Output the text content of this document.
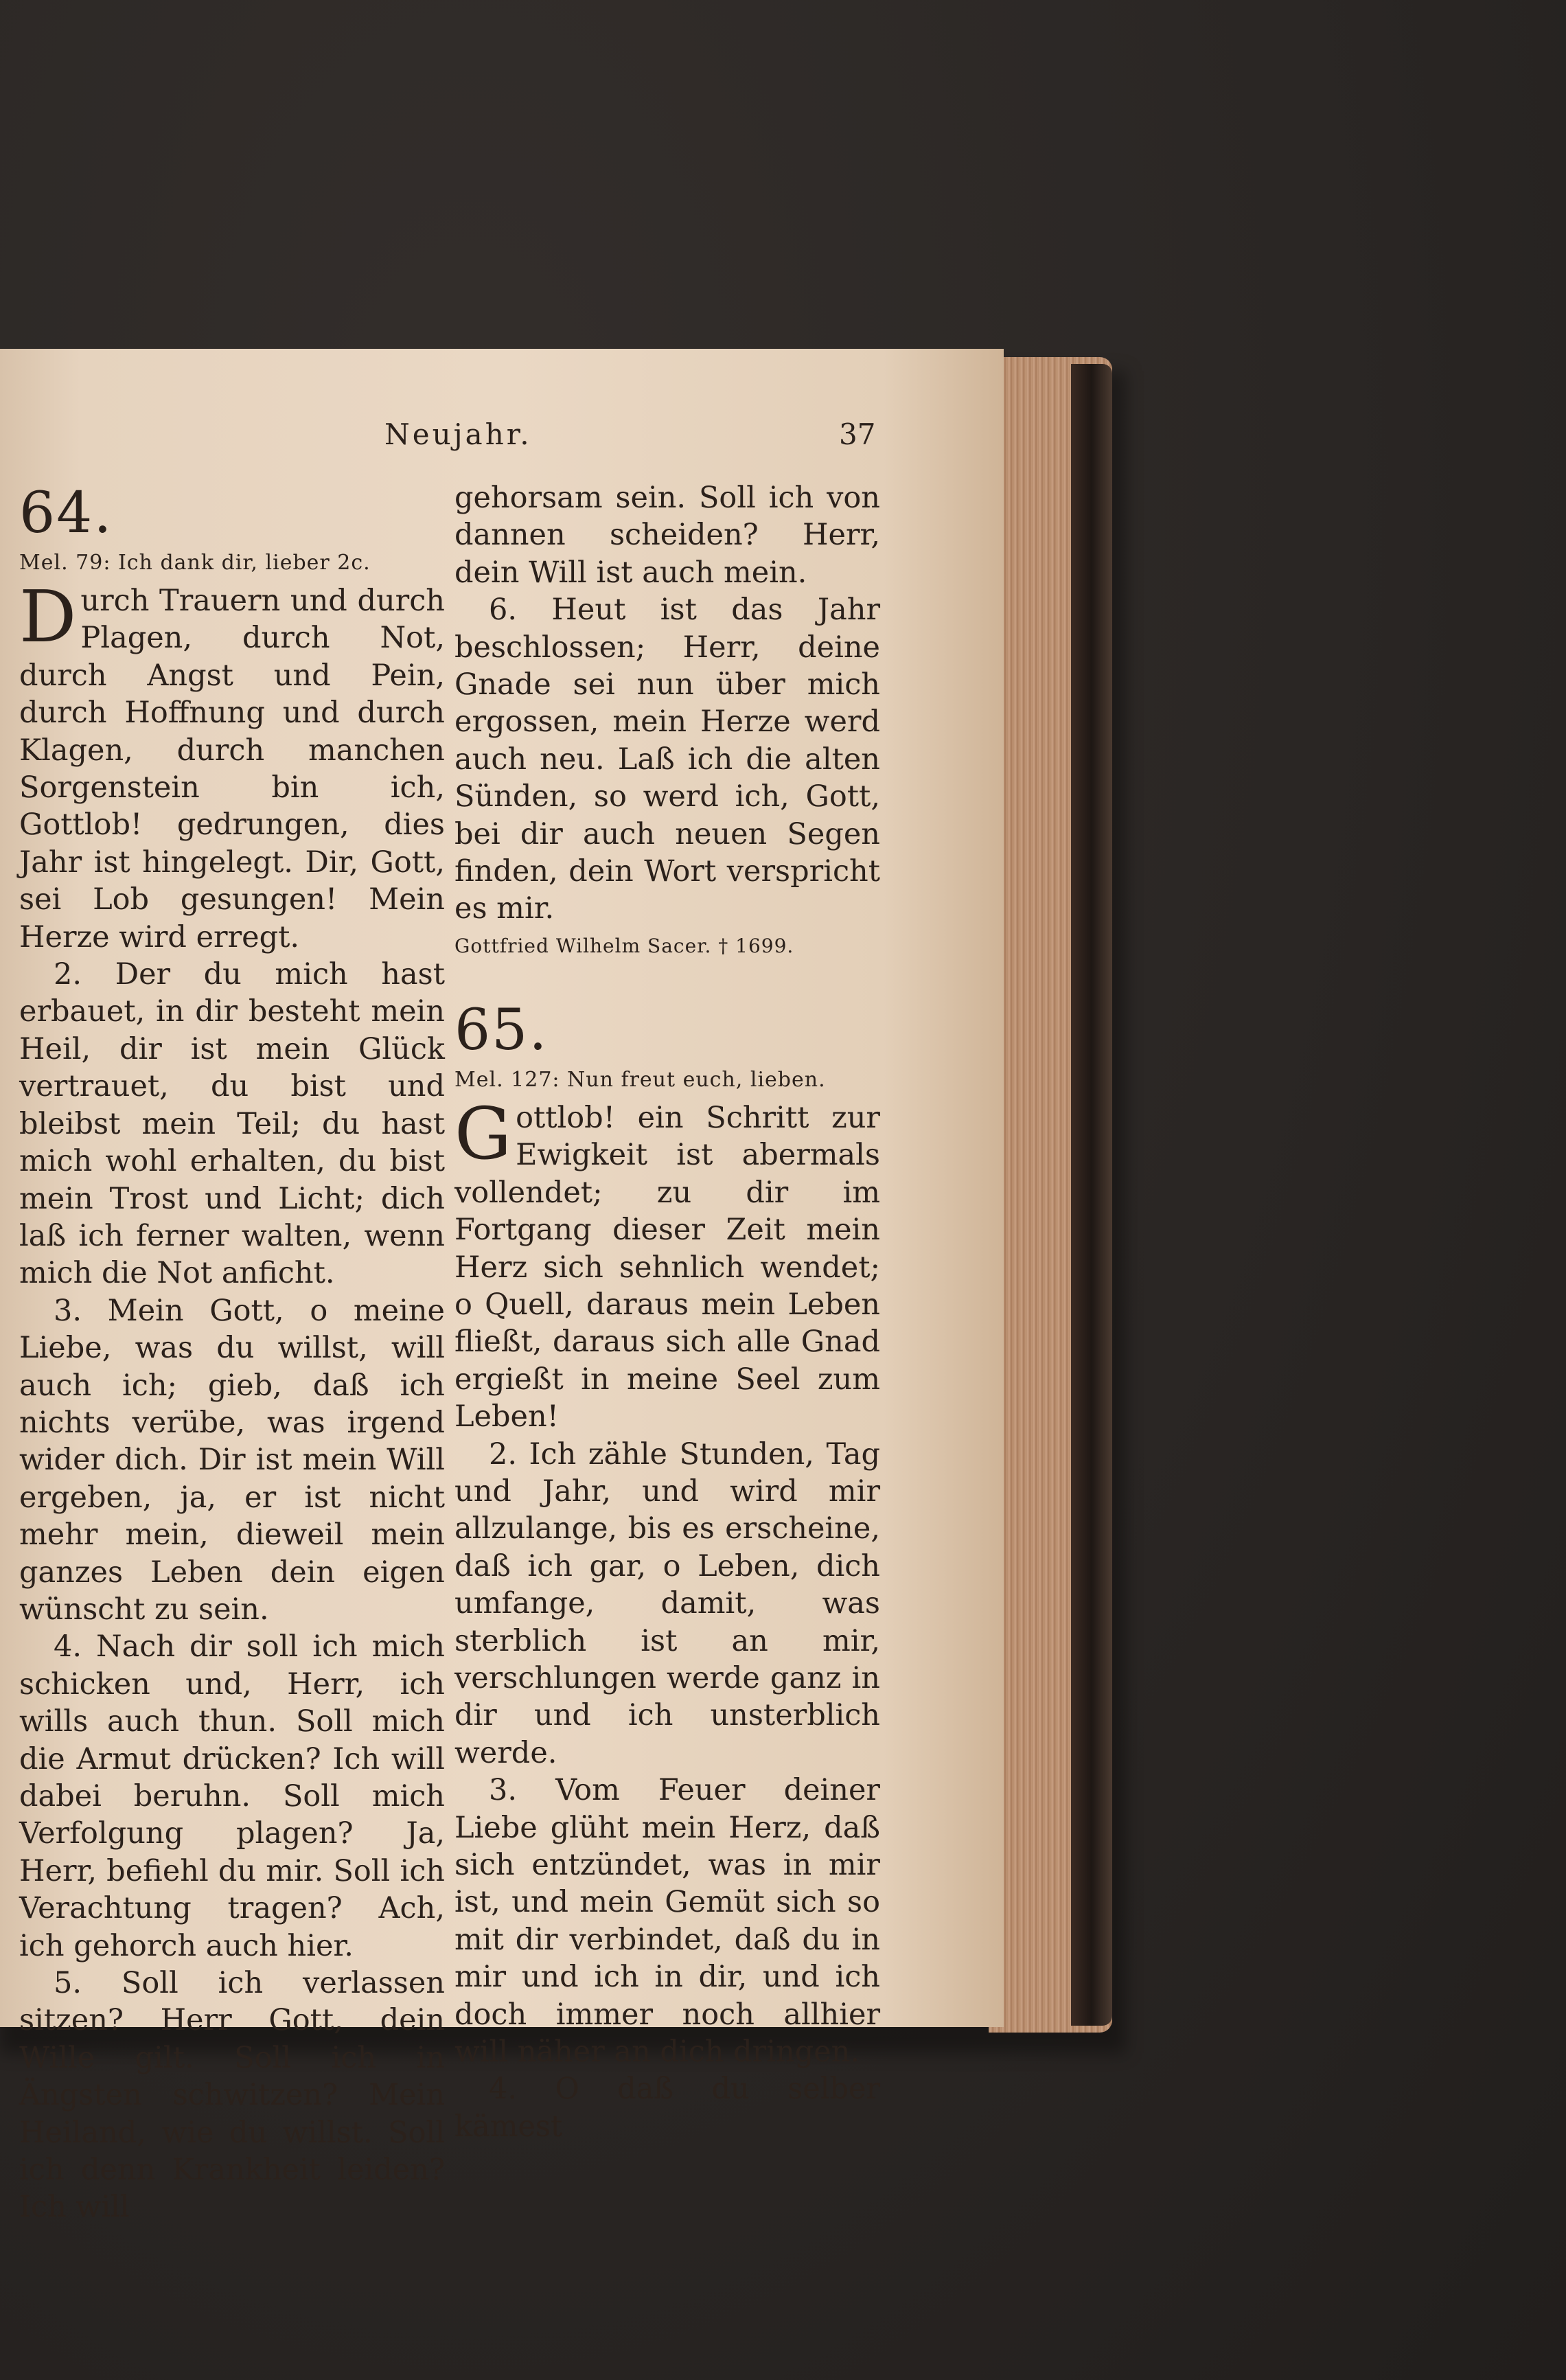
Neujahr.	37
64.
Mel. 79: Ich dank dir, lieber 2c.

Durch Trauern und durch Plagen, durch Not, durch Angst und Pein, durch Hoffnung und durch Klagen, durch manchen Sorgenstein bin ich, Gottlob! gedrungen, dies Jahr ist hingelegt. Dir, Gott, sei Lob gesungen! Mein Herze wird erregt.

2. Der du mich hast erbauet, in dir besteht mein Heil, dir ist mein Glück vertrauet, du bist und bleibst mein Teil; du hast mich wohl erhalten, du bist mein Trost und Licht; dich laß ich ferner walten, wenn mich die Not anficht.

3. Mein Gott, o meine Liebe, was du willst, will auch ich; gieb, daß ich nichts verübe, was irgend wider dich. Dir ist mein Will ergeben, ja, er ist nicht mehr mein, dieweil mein ganzes Leben dein eigen wünscht zu sein.

4. Nach dir soll ich mich schicken und, Herr, ich wills auch thun. Soll mich die Armut drücken? Ich will dabei beruhn. Soll mich Verfolgung plagen? Ja, Herr, befiehl du mir. Soll ich Verachtung tragen? Ach, ich gehorch auch hier.

5. Soll ich verlassen sitzen? Herr Gott, dein Wille gilt. Soll ich in Ängsten schwitzen? Mein Heiland, wie du willst. Soll ich denn Krankheit leiden? Ich will

gehorsam sein. Soll ich von dannen scheiden? Herr, dein Will ist auch mein.

6. Heut ist das Jahr beschlossen; Herr, deine Gnade sei nun über mich ergossen, mein Herze werd auch neu. Laß ich die alten Sünden, so werd ich, Gott, bei dir auch neuen Segen finden, dein Wort verspricht es mir.

Gottfried Wilhelm Sacer. † 1699.
65.
Mel. 127: Nun freut euch, lieben.

Gottlob! ein Schritt zur Ewigkeit ist abermals vollendet; zu dir im Fortgang dieser Zeit mein Herz sich sehnlich wendet; o Quell, daraus mein Leben fließt, daraus sich alle Gnad ergießt in meine Seel zum Leben!

2. Ich zähle Stunden, Tag und Jahr, und wird mir allzulange, bis es erscheine, daß ich gar, o Leben, dich umfange, damit, was sterblich ist an mir, verschlungen werde ganz in dir und ich unsterblich werde.

3. Vom Feuer deiner Liebe glüht mein Herz, daß sich entzündet, was in mir ist, und mein Gemüt sich so mit dir verbindet, daß du in mir und ich in dir, und ich doch immer noch allhier will näher an dich dringen.

4. O daß du selber kämest
